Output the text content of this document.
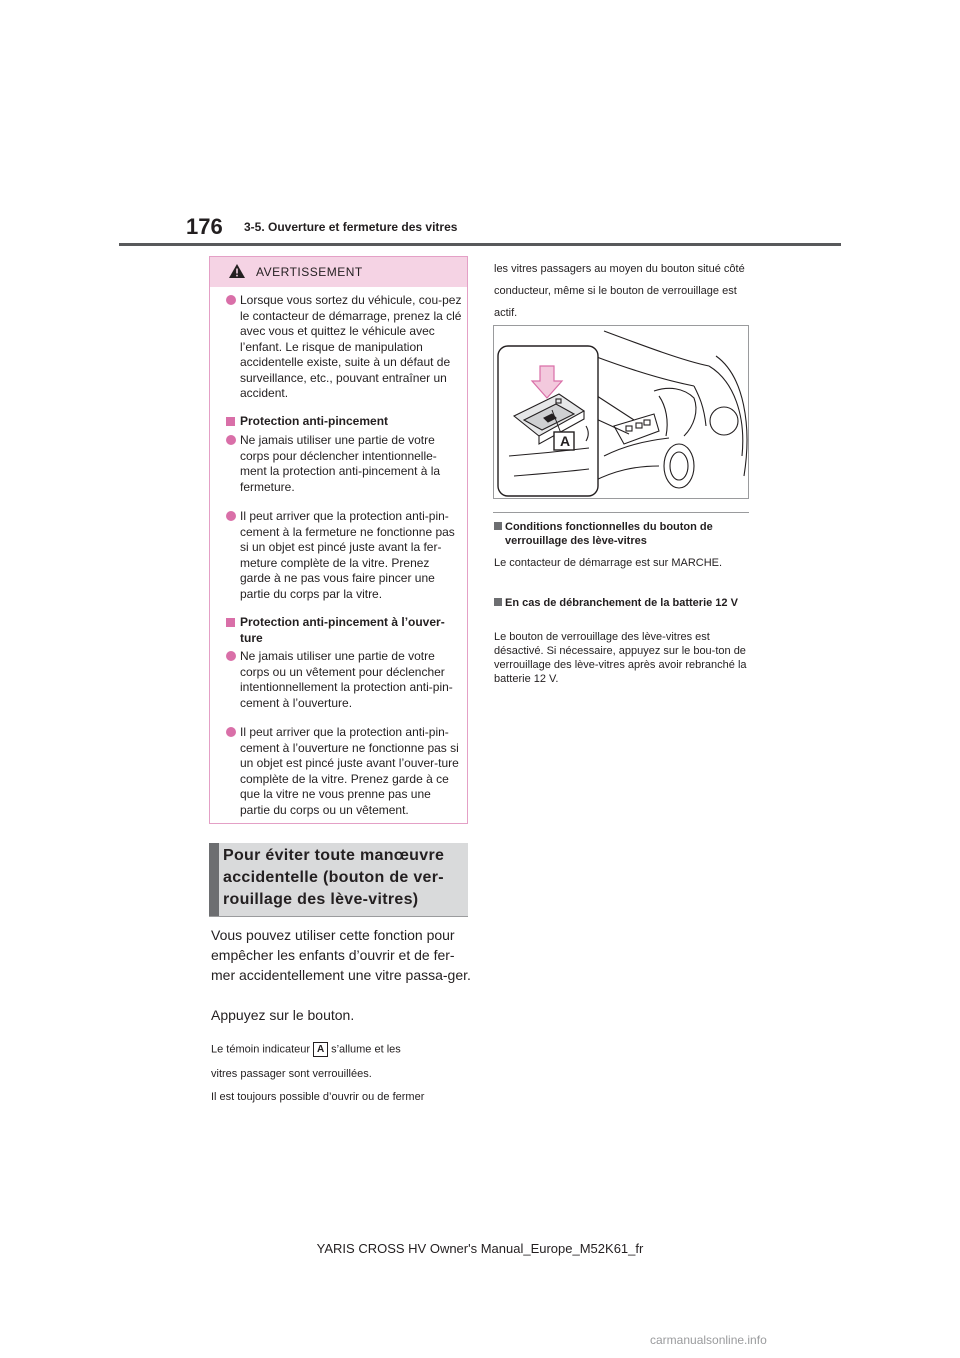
176 3-5. Ouverture et fermeture des vitres
AVERTISSEMENT
Lorsque vous sortez du véhicule, cou-pez le contacteur de démarrage, prenez la clé avec vous et quittez le véhicule avec l’enfant. Le risque de manipulation accidentelle existe, suite à un défaut de surveillance, etc., pouvant entraîner un accident.
Protection anti-pincement
Ne jamais utiliser une partie de votre corps pour déclencher intentionnelle-ment la protection anti-pincement à la fermeture.
Il peut arriver que la protection anti-pin-cement à la fermeture ne fonctionne pas si un objet est pincé juste avant la fer-meture complète de la vitre. Prenez garde à ne pas vous faire pincer une partie du corps par la vitre.
Protection anti-pincement à l’ouver-ture
Ne jamais utiliser une partie de votre corps ou un vêtement pour déclencher intentionnellement la protection anti-pin-cement à l’ouverture.
Il peut arriver que la protection anti-pin-cement à l’ouverture ne fonctionne pas si un objet est pincé juste avant l’ouver-ture complète de la vitre. Prenez garde à ce que la vitre ne vous prenne pas une partie du corps ou un vêtement.
Pour éviter toute manœuvre accidentelle (bouton de ver-rouillage des lève-vitres)
Vous pouvez utiliser cette fonction pour empêcher les enfants d’ouvrir et de fer-mer accidentellement une vitre passa-ger.
Appuyez sur le bouton.
Le témoin indicateur A s’allume et les
vitres passager sont verrouillées.
Il est toujours possible d’ouvrir ou de fermer
les vitres passagers au moyen du bouton situé côté conducteur, même si le bouton de verrouillage est actif.
A
Conditions fonctionnelles du bouton de verrouillage des lève-vitres
Le contacteur de démarrage est sur MARCHE.
En cas de débranchement de la batterie 12 V
Le bouton de verrouillage des lève-vitres est désactivé. Si nécessaire, appuyez sur le bou-ton de verrouillage des lève-vitres après avoir rebranché la batterie 12 V.
YARIS CROSS HV Owner's Manual_Europe_M52K61_fr
carmanualsonline.info
